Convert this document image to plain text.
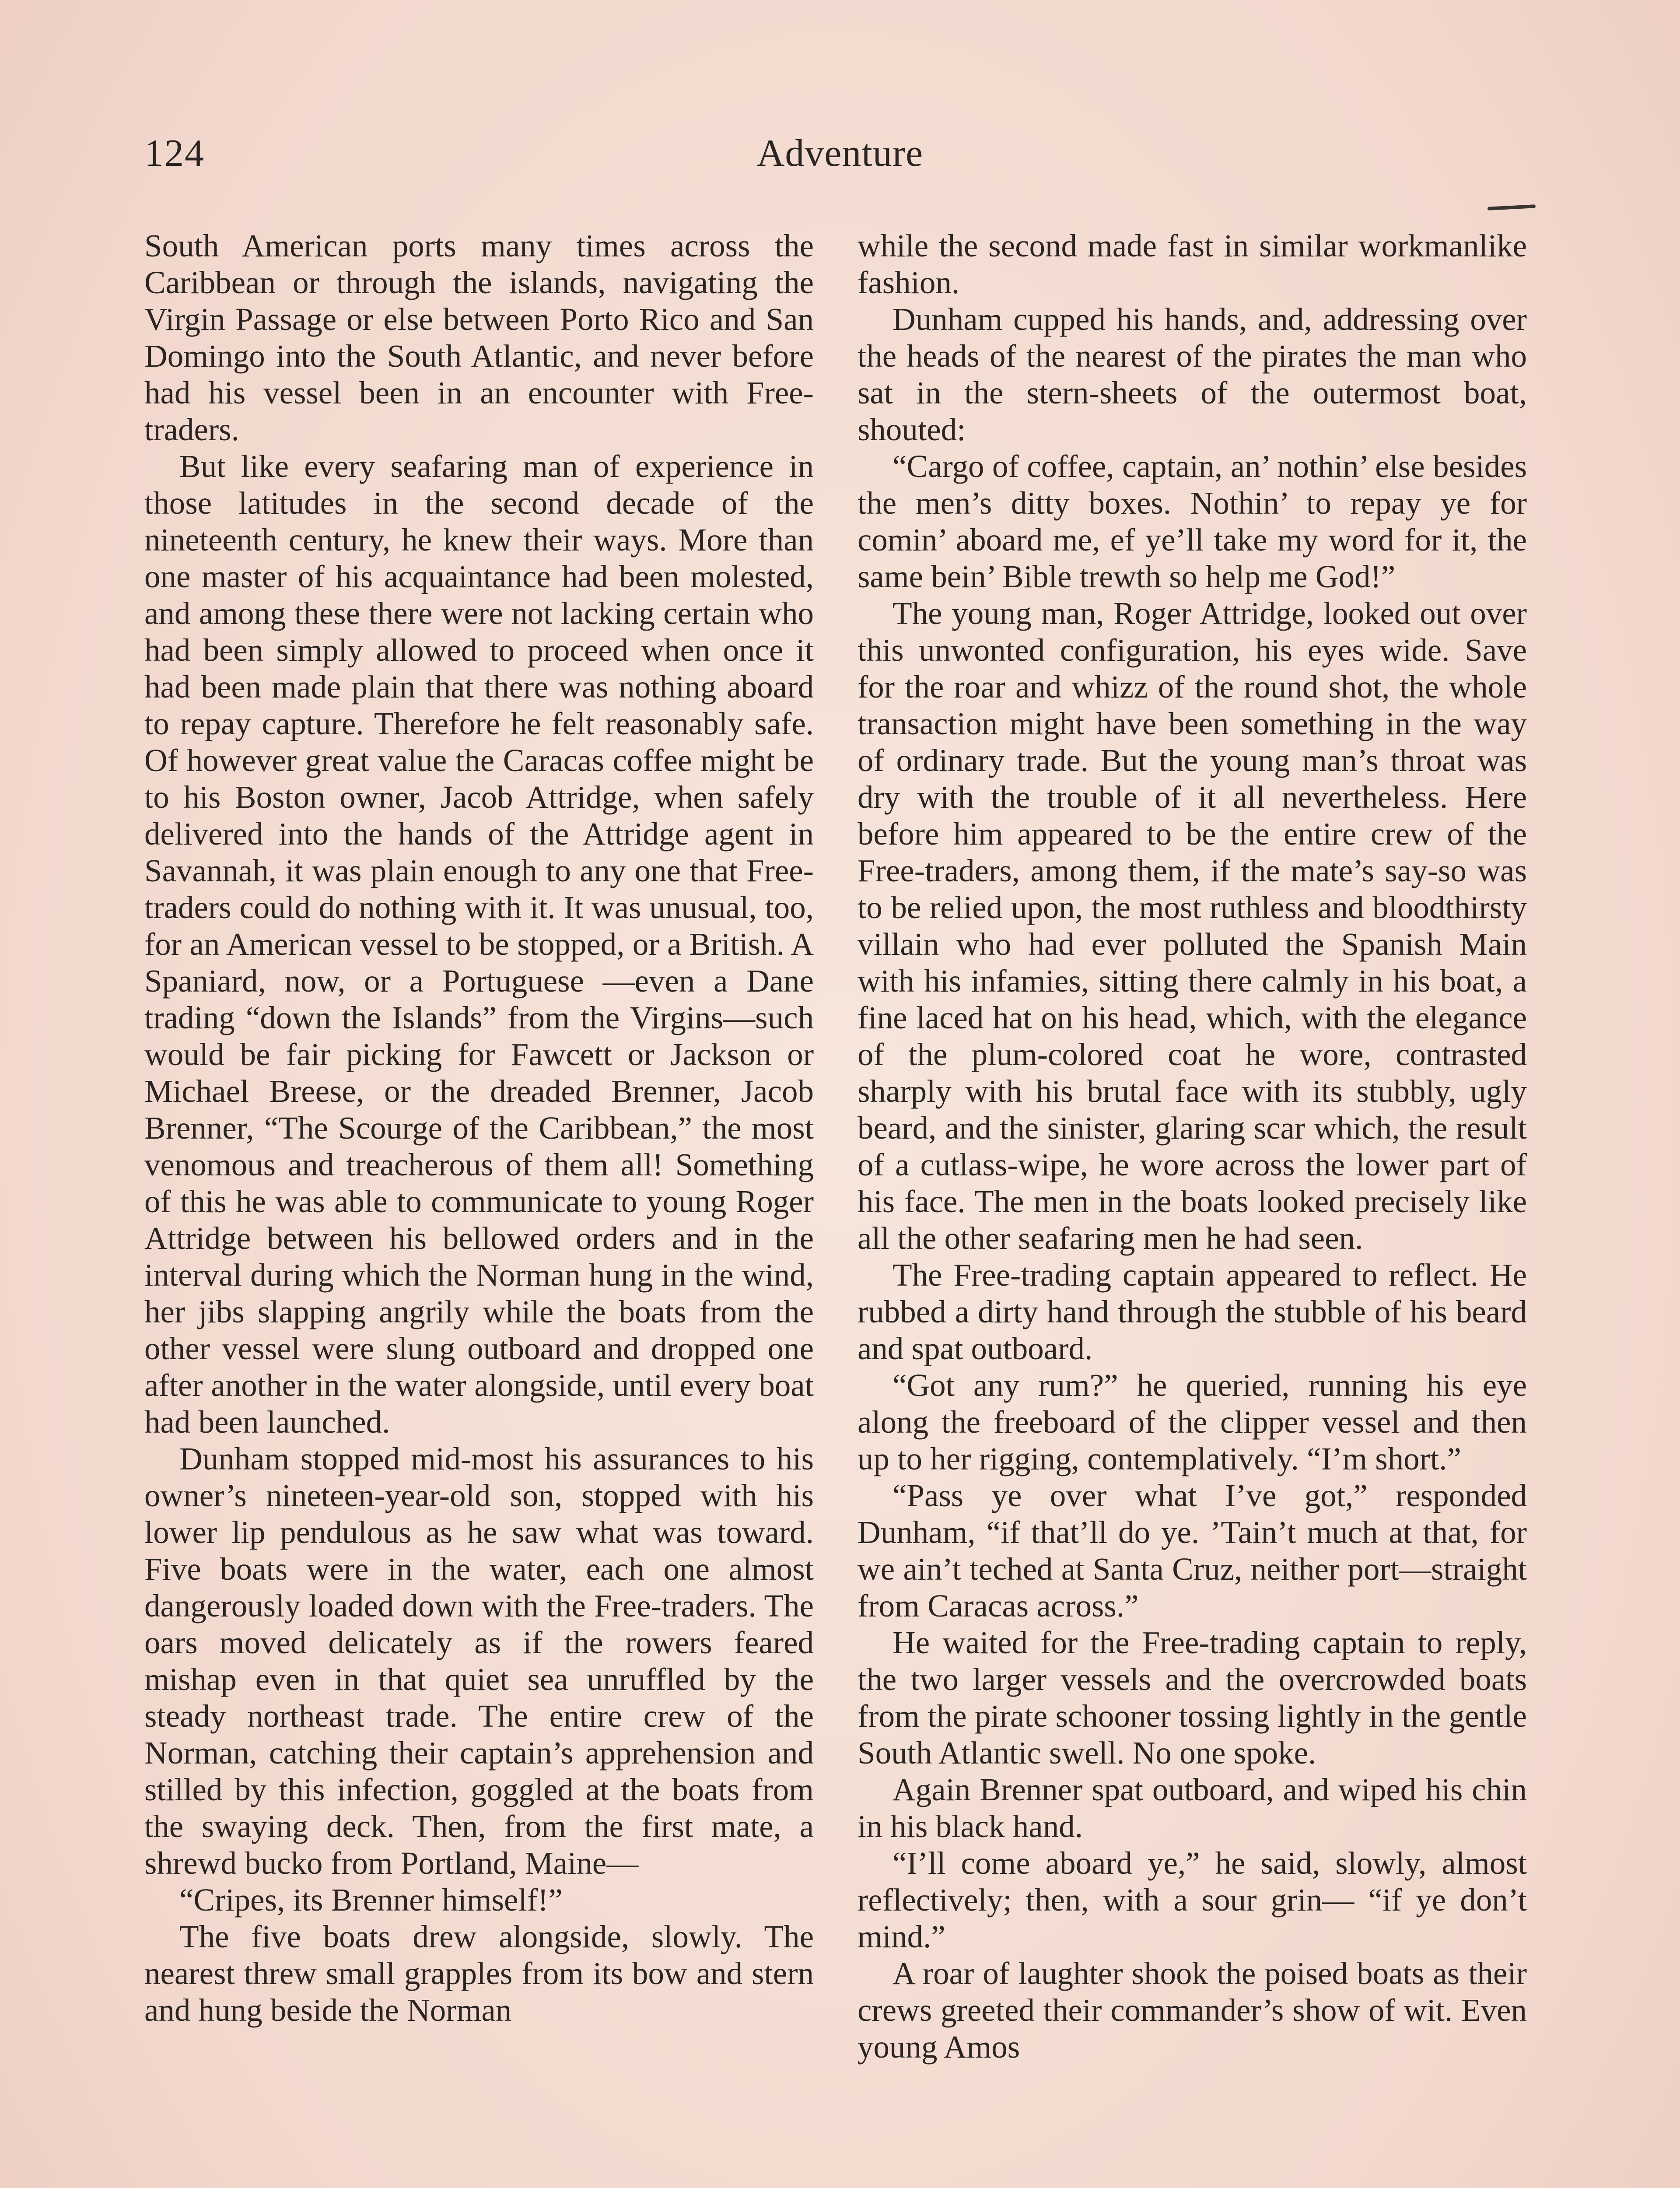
124	Adventure

South American ports many times across the Caribbean or through the islands, navigating the Virgin Passage or else between Porto Rico and San Domingo into the South Atlantic, and never before had his vessel been in an encounter with Free-traders.

But like every seafaring man of experience in those latitudes in the second decade of the nineteenth century, he knew their ways. More than one master of his acquaintance had been molested, and among these there were not lacking certain who had been simply allowed to proceed when once it had been made plain that there was nothing aboard to repay capture. Therefore he felt reasonably safe. Of however great value the Caracas coffee might be to his Boston owner, Jacob Attridge, when safely delivered into the hands of the Attridge agent in Savannah, it was plain enough to any one that Free-traders could do nothing with it. It was unusual, too, for an American vessel to be stopped, or a British. A Spaniard, now, or a Portuguese —even a Dane trading “down the Islands” from the Virgins—such would be fair picking for Fawcett or Jackson or Michael Breese, or the dreaded Brenner, Jacob Brenner, “The Scourge of the Caribbean,” the most venomous and treacherous of them all! Something of this he was able to communicate to young Roger Attridge between his bellowed orders and in the interval during which the Norman hung in the wind, her jibs slapping angrily while the boats from the other vessel were slung outboard and dropped one after another in the water alongside, until every boat had been launched.

Dunham stopped mid-most his assurances to his owner’s nineteen-year-old son, stopped with his lower lip pendulous as he saw what was toward. Five boats were in the water, each one almost dangerously loaded down with the Free-traders. The oars moved delicately as if the rowers feared mishap even in that quiet sea unruffled by the steady northeast trade. The entire crew of the Norman, catching their captain’s apprehension and stilled by this infection, goggled at the boats from the swaying deck. Then, from the first mate, a shrewd bucko from Portland, Maine—

“Cripes, its Brenner himself!”

The five boats drew alongside, slowly. The nearest threw small grapples from its bow and stern and hung beside the Norman

while the second made fast in similar workmanlike fashion.

Dunham cupped his hands, and, addressing over the heads of the nearest of the pirates the man who sat in the stern-sheets of the outermost boat, shouted:

“Cargo of coffee, captain, an’ nothin’ else besides the men’s ditty boxes. Nothin’ to repay ye for comin’ aboard me, ef ye’ll take my word for it, the same bein’ Bible trewth so help me God!”

The young man, Roger Attridge, looked out over this unwonted configuration, his eyes wide. Save for the roar and whizz of the round shot, the whole transaction might have been something in the way of ordinary trade. But the young man’s throat was dry with the trouble of it all nevertheless. Here before him appeared to be the entire crew of the Free-traders, among them, if the mate’s say-so was to be relied upon, the most ruthless and bloodthirsty villain who had ever polluted the Spanish Main with his infamies, sitting there calmly in his boat, a fine laced hat on his head, which, with the elegance of the plum-colored coat he wore, contrasted sharply with his brutal face with its stubbly, ugly beard, and the sinister, glaring scar which, the result of a cutlass-wipe, he wore across the lower part of his face. The men in the boats looked precisely like all the other seafaring men he had seen.

The Free-trading captain appeared to reflect. He rubbed a dirty hand through the stubble of his beard and spat outboard.

“Got any rum?” he queried, running his eye along the freeboard of the clipper vessel and then up to her rigging, contemplatively. “I’m short.”

“Pass ye over what I’ve got,” responded Dunham, “if that’ll do ye. ’Tain’t much at that, for we ain’t teched at Santa Cruz, neither port—straight from Caracas across.”

He waited for the Free-trading captain to reply, the two larger vessels and the overcrowded boats from the pirate schooner tossing lightly in the gentle South Atlantic swell. No one spoke.

Again Brenner spat outboard, and wiped his chin in his black hand.

“I’ll come aboard ye,” he said, slowly, almost reflectively; then, with a sour grin— “if ye don’t mind.”

A roar of laughter shook the poised boats as their crews greeted their commander’s show of wit. Even young Amos
